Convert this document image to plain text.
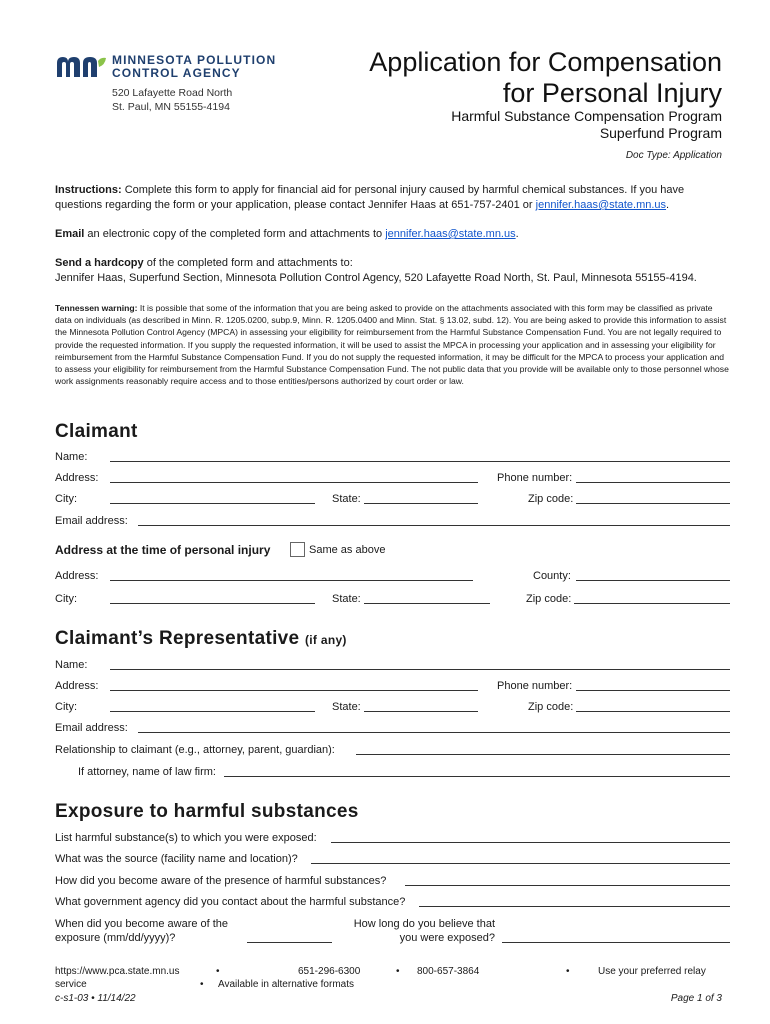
MINNESOTA POLLUTION
CONTROL AGENCY
520 Lafayette Road North
St. Paul, MN 55155-4194
Application for Compensation
for Personal Injury
Harmful Substance Compensation Program
Superfund Program
Doc Type: Application
Instructions: Complete this form to apply for financial aid for personal injury caused by harmful chemical substances. If you have questions regarding the form or your application, please contact Jennifer Haas at 651-757-2401 or jennifer.haas@state.mn.us.
Email an electronic copy of the completed form and attachments to jennifer.haas@state.mn.us.
Send a hardcopy of the completed form and attachments to:
Jennifer Haas, Superfund Section, Minnesota Pollution Control Agency, 520 Lafayette Road North, St. Paul, Minnesota 55155-4194.
Tennessen warning: It is possible that some of the information that you are being asked to provide on the attachments associated with this form may be classified as private data on individuals (as described in Minn. R. 1205.0200, subp.9, Minn. R. 1205.0400 and Minn. Stat. § 13.02, subd. 12). You are being asked to provide this information to assist the Minnesota Pollution Control Agency (MPCA) in assessing your eligibility for reimbursement from the Harmful Substance Compensation Fund. You are not legally required to provide the requested information. If you supply the requested information, it will be used to assist the MPCA in processing your application and in assessing your eligibility for reimbursement from the Harmful Substance Compensation Fund. If you do not supply the requested information, it may be difficult for the MPCA to process your application and to assess your eligibility for reimbursement from the Harmful Substance Compensation Fund. The not public data that you provide will be available only to those personnel whose work assignments reasonably require access and to those entities/persons authorized by court order or law.
Claimant
Name:
Address:	Phone number:
City:	State:	Zip code:
Email address:
Address at the time of personal injury	Same as above
Address:	County:
City:	State:	Zip code:
Claimant’s Representative (if any)
Name:
Address:	Phone number:
City:	State:	Zip code:
Email address:
Relationship to claimant (e.g., attorney, parent, guardian):
If attorney, name of law firm:
Exposure to harmful substances
List harmful substance(s) to which you were exposed:
What was the source (facility name and location)?
How did you become aware of the presence of harmful substances?
What government agency did you contact about the harmful substance?
When did you become aware of the
exposure (mm/dd/yyyy)?
How long do you believe that
you were exposed?
https://www.pca.state.mn.us	•	651-296-6300	• 800-657-3864	•	Use your preferred relay
service	• Available in alternative formats
c-s1-03 • 11/14/22	Page 1 of 3
